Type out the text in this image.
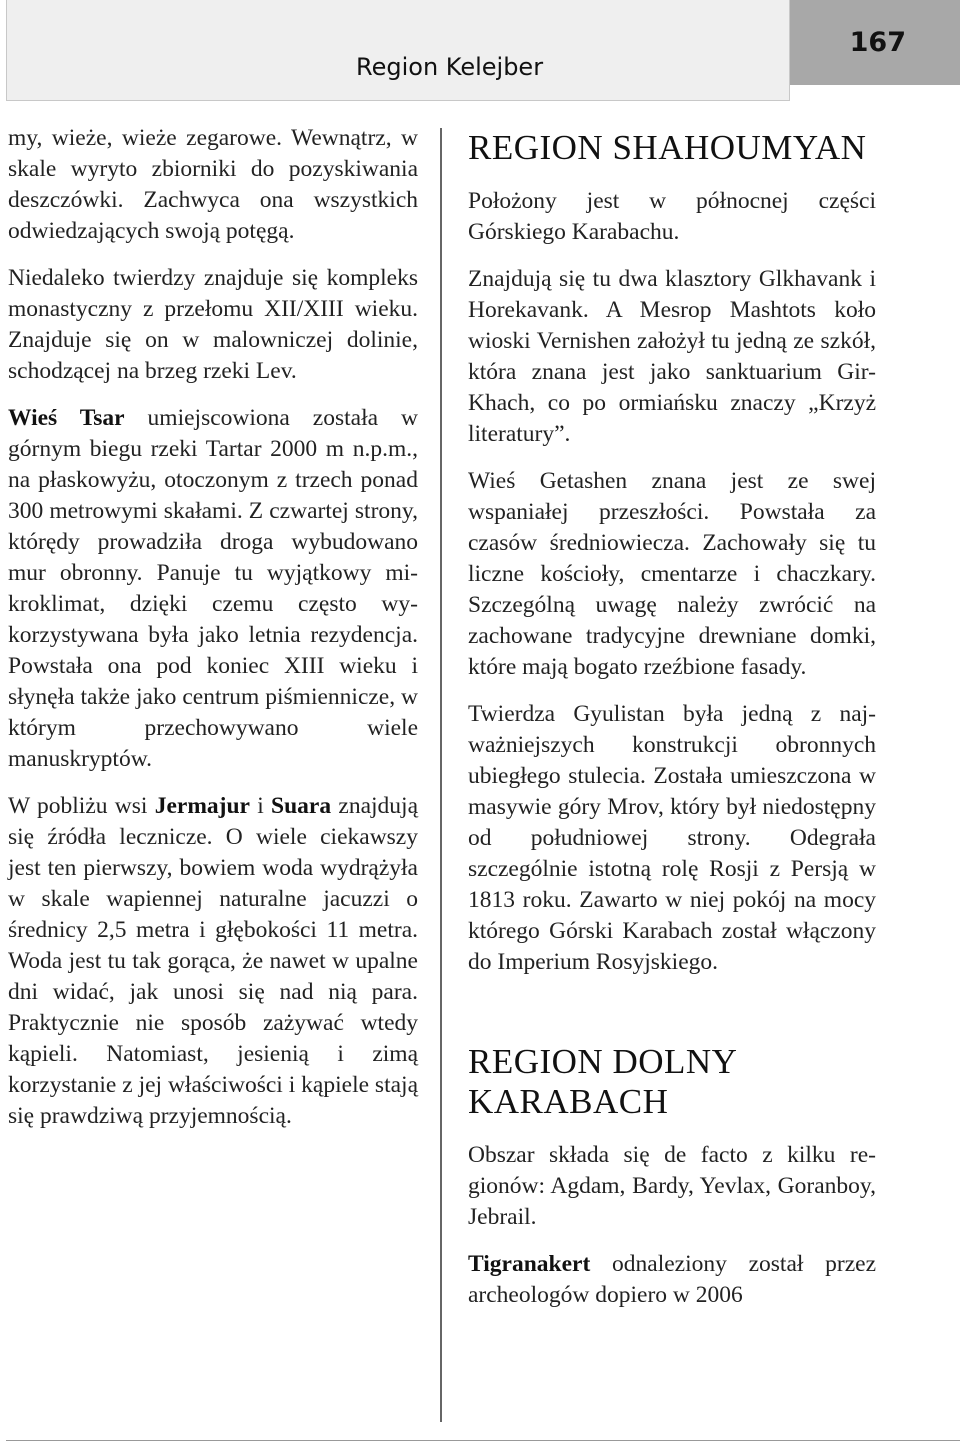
Region Kelejber
167

my, wieże, wieże zegarowe. Wewnątrz, w skale wyryto zbiorniki do pozyskiwania deszczówki. Zachwyca ona wszystkich odwiedzających swoją potęgą.

Niedaleko twierdzy znajduje się kompleks monastyczny z przełomu XII/XIII wieku. Znajduje się on w malowniczej dolinie, schodzącej na brzeg rzeki Lev.

Wieś Tsar umiejscowiona została w górnym biegu rzeki Tartar 2000 m n.p.m., na płaskowyżu, otoczonym z trzech ponad 300 metrowymi skałami. Z czwartej strony, którędy prowadziła droga wybudowano mur obronny. Panuje tu wyjątkowy mikroklimat, dzięki czemu często wykorzystywana była jako letnia rezydencja. Powstała ona pod koniec XIII wieku i słynęła także jako centrum piśmiennicze, w którym przechowywano wiele manuskryptów.

W pobliżu wsi Jermajur i Suara znajdują się źródła lecznicze. O wiele ciekawszy jest ten pierwszy, bowiem woda wydrążyła w skale wapiennej naturalne jacuzzi o średnicy 2,5 metra i głębokości 11 metra. Woda jest tu tak gorąca, że nawet w upalne dni widać, jak unosi się nad nią para. Praktycznie nie sposób zażywać wtedy kąpieli. Natomiast, jesienią i zimą korzystanie z jej właściwości i kąpiele stają się prawdziwą przyjemnością.

REGION SHAHOUMYAN

Położony jest w północnej części Górskiego Karabachu.

Znajdują się tu dwa klasztory Glkhavank i Horekavank. A Mesrop Mashtots koło wioski Vernishen założył tu jedną ze szkół, która znana jest jako sanktuarium Gir-Khach, co po ormiańsku znaczy „Krzyż literatury”.

Wieś Getashen znana jest ze swej wspaniałej przeszłości. Powstała za czasów średniowiecza. Zachowały się tu liczne kościoły, cmentarze i chaczkary. Szczególną uwagę należy zwrócić na zachowane tradycyjne drewniane domki, które mają bogato rzeźbione fasady.

Twierdza Gyulistan była jedną z najważniejszych konstrukcji obronnych ubiegłego stulecia. Została umieszczona w masywie góry Mrov, który był niedostępny od południowej strony. Odegrała szczególnie istotną rolę Rosji z Persją w 1813 roku. Zawarto w niej pokój na mocy którego Górski Karabach został włączony do Imperium Rosyjskiego.

REGION DOLNY KARABACH

Obszar składa się de facto z kilku regionów: Agdam, Bardy, Yevlax, Goranboy, Jebrail.

Tigranakert odnaleziony został przez archeologów dopiero w 2006
